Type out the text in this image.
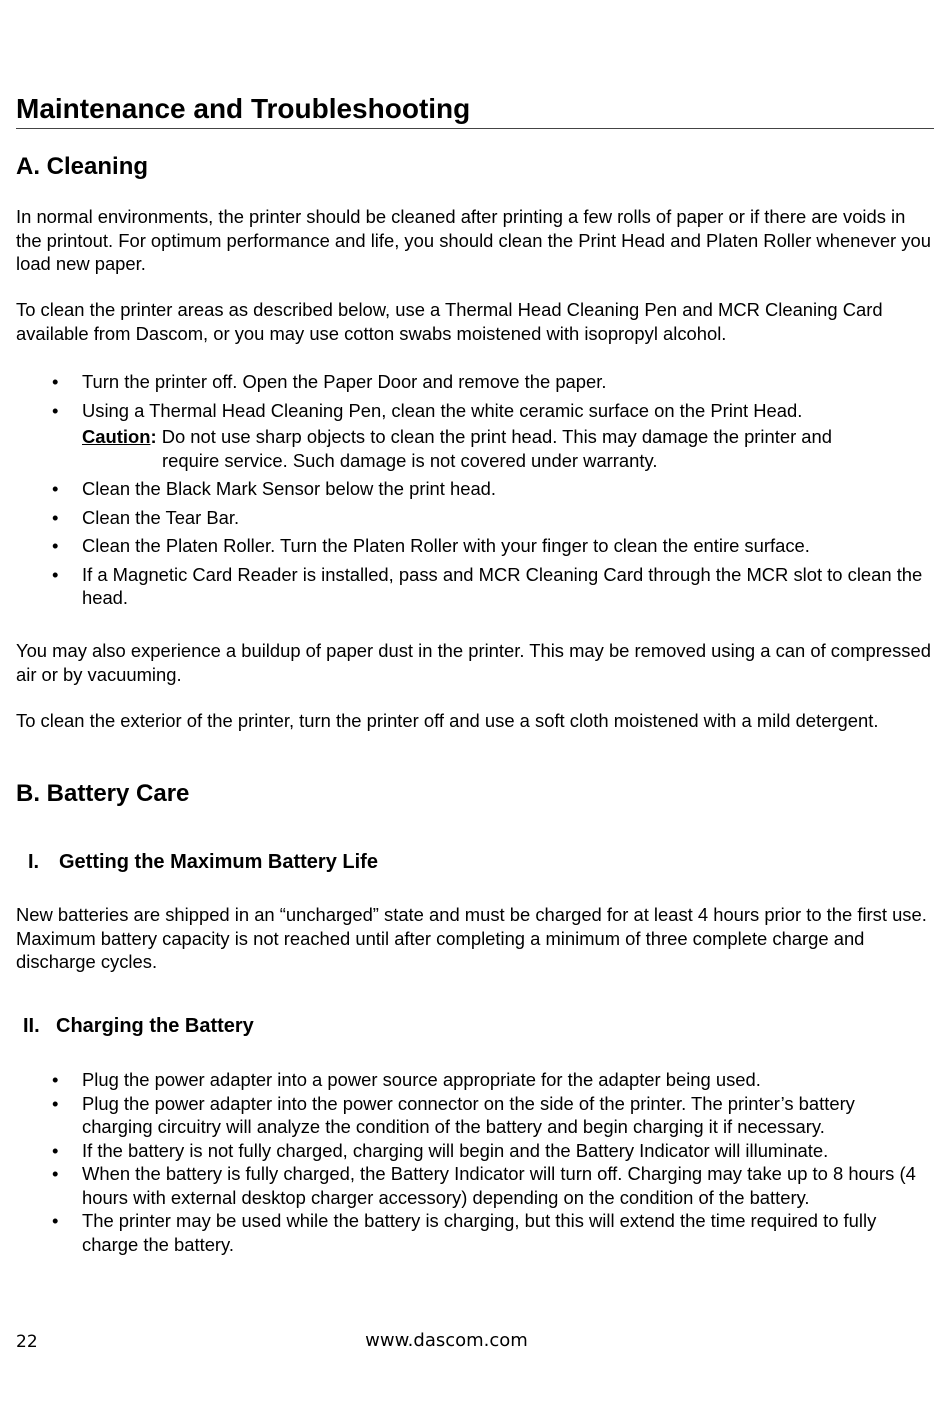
Maintenance and Troubleshooting
A. Cleaning

In normal environments, the printer should be cleaned after printing a few rolls of paper or if there are voids in the printout. For optimum performance and life, you should clean the Print Head and Platen Roller whenever you load new paper.

To clean the printer areas as described below, use a Thermal Head Cleaning Pen and MCR Cleaning Card available from Dascom, or you may use cotton swabs moistened with isopropyl alcohol.

• Turn the printer off. Open the Paper Door and remove the paper.
• Using a Thermal Head Cleaning Pen, clean the white ceramic surface on the Print Head.
Caution: Do not use sharp objects to clean the print head. This may damage the printer and
require service. Such damage is not covered under warranty.
• Clean the Black Mark Sensor below the print head.
• Clean the Tear Bar.
• Clean the Platen Roller. Turn the Platen Roller with your finger to clean the entire surface.
• If a Magnetic Card Reader is installed, pass and MCR Cleaning Card through the MCR slot to clean the head.

You may also experience a buildup of paper dust in the printer. This may be removed using a can of compressed air or by vacuuming.

To clean the exterior of the printer, turn the printer off and use a soft cloth moistened with a mild detergent.

B. Battery Care
I. Getting the Maximum Battery Life

New batteries are shipped in an “uncharged” state and must be charged for at least 4 hours prior to the first use. Maximum battery capacity is not reached until after completing a minimum of three complete charge and discharge cycles.

II. Charging the Battery
• Plug the power adapter into a power source appropriate for the adapter being used.
• Plug the power adapter into the power connector on the side of the printer. The printer’s battery charging circuitry will analyze the condition of the battery and begin charging it if necessary.
• If the battery is not fully charged, charging will begin and the Battery Indicator will illuminate.
• When the battery is fully charged, the Battery Indicator will turn off. Charging may take up to 8 hours (4 hours with external desktop charger accessory) depending on the condition of the battery.
• The printer may be used while the battery is charging, but this will extend the time required to fully charge the battery.
22	www.dascom.com
